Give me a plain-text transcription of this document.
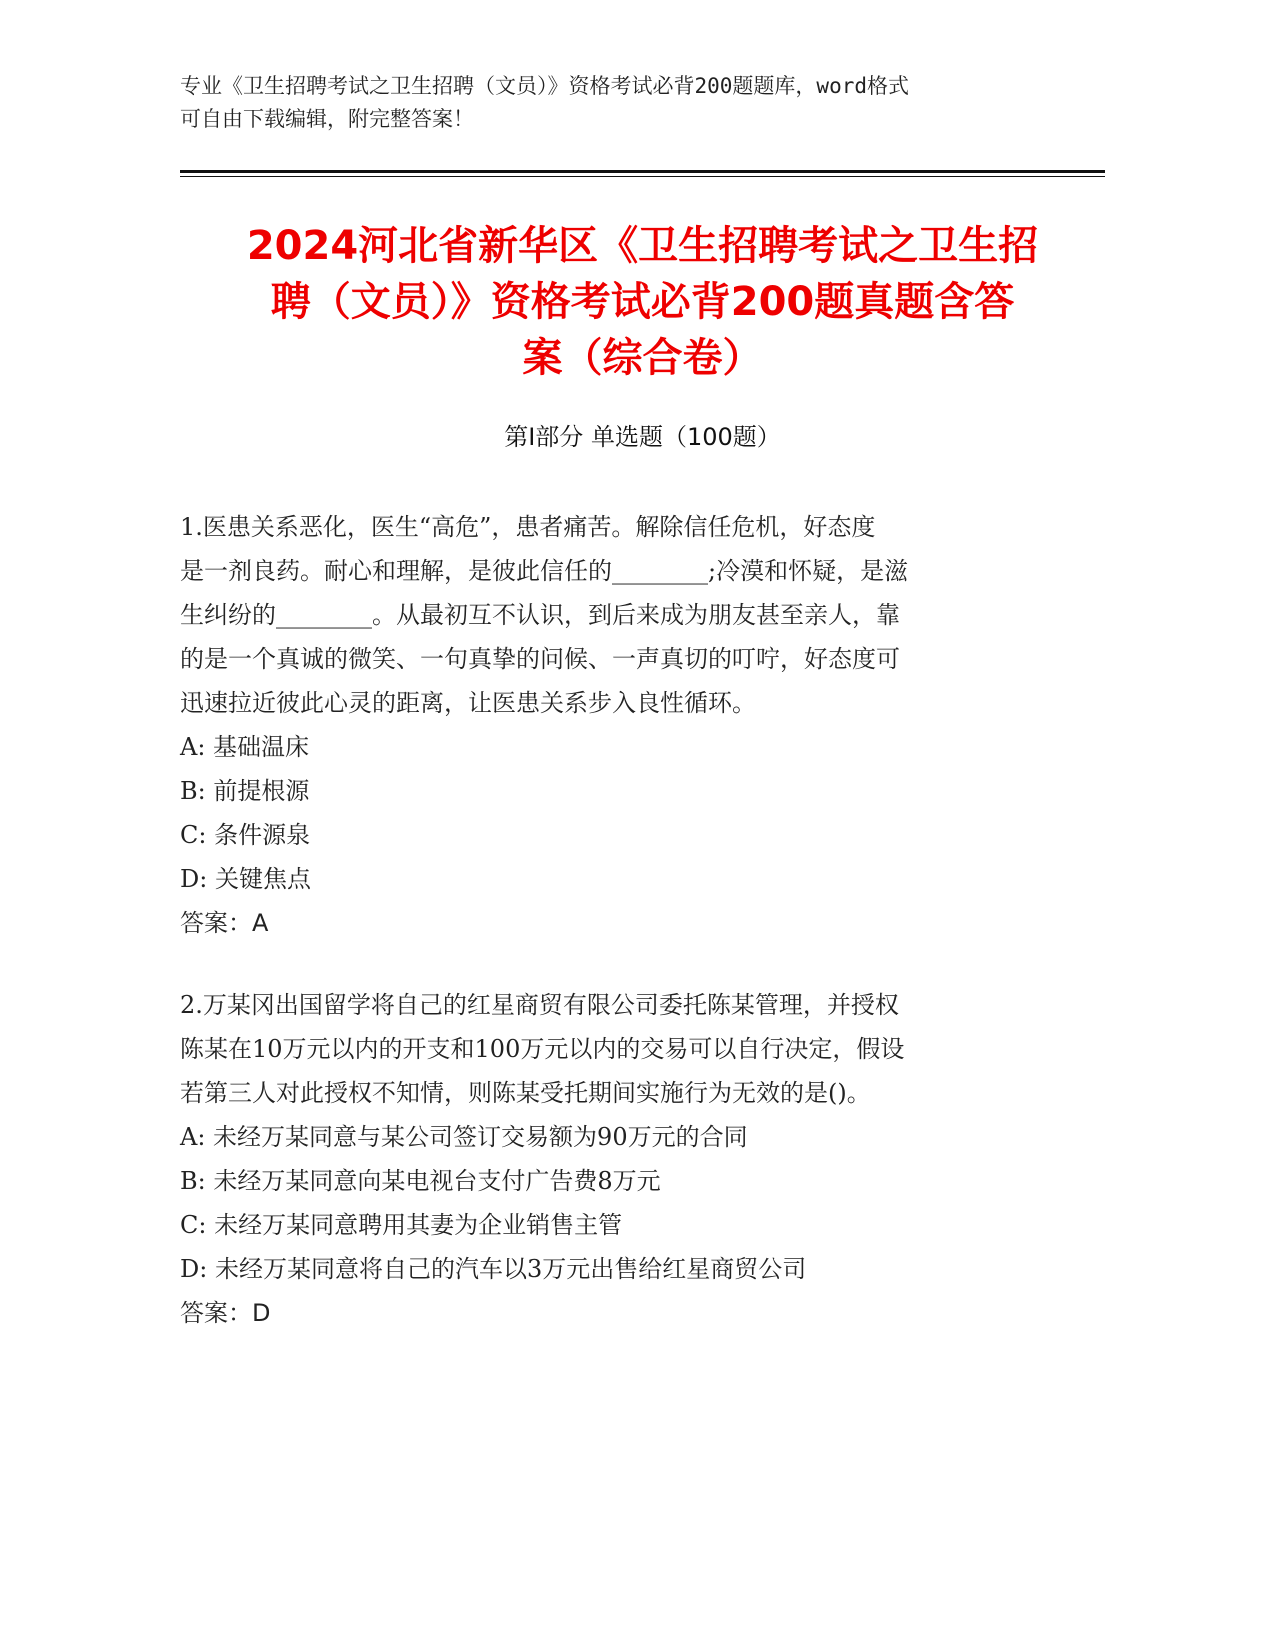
专业《卫生招聘考试之卫生招聘（文员）》资格考试必背200题题库，word格式
可自由下载编辑，附完整答案！
2024河北省新华区《卫生招聘考试之卫生招
聘（文员）》资格考试必背200题真题含答
案（综合卷）
第Ⅰ部分 单选题（100题）
1.医患关系恶化，医生“高危”，患者痛苦。解除信任危机，好态度
是一剂良药。耐心和理解，是彼此信任的________;冷漠和怀疑，是滋
生纠纷的________。从最初互不认识，到后来成为朋友甚至亲人，靠
的是一个真诚的微笑、一句真挚的问候、一声真切的叮咛，好态度可
迅速拉近彼此心灵的距离，让医患关系步入良性循环。
A: 基础温床
B: 前提根源
C: 条件源泉
D: 关键焦点
答案：A
2.万某冈出国留学将自己的红星商贸有限公司委托陈某管理，并授权
陈某在10万元以内的开支和100万元以内的交易可以自行决定，假设
若第三人对此授权不知情，则陈某受托期间实施行为无效的是()。
A: 未经万某同意与某公司签订交易额为90万元的合同
B: 未经万某同意向某电视台支付广告费8万元
C: 未经万某同意聘用其妻为企业销售主管
D: 未经万某同意将自己的汽车以3万元出售给红星商贸公司
答案：D
